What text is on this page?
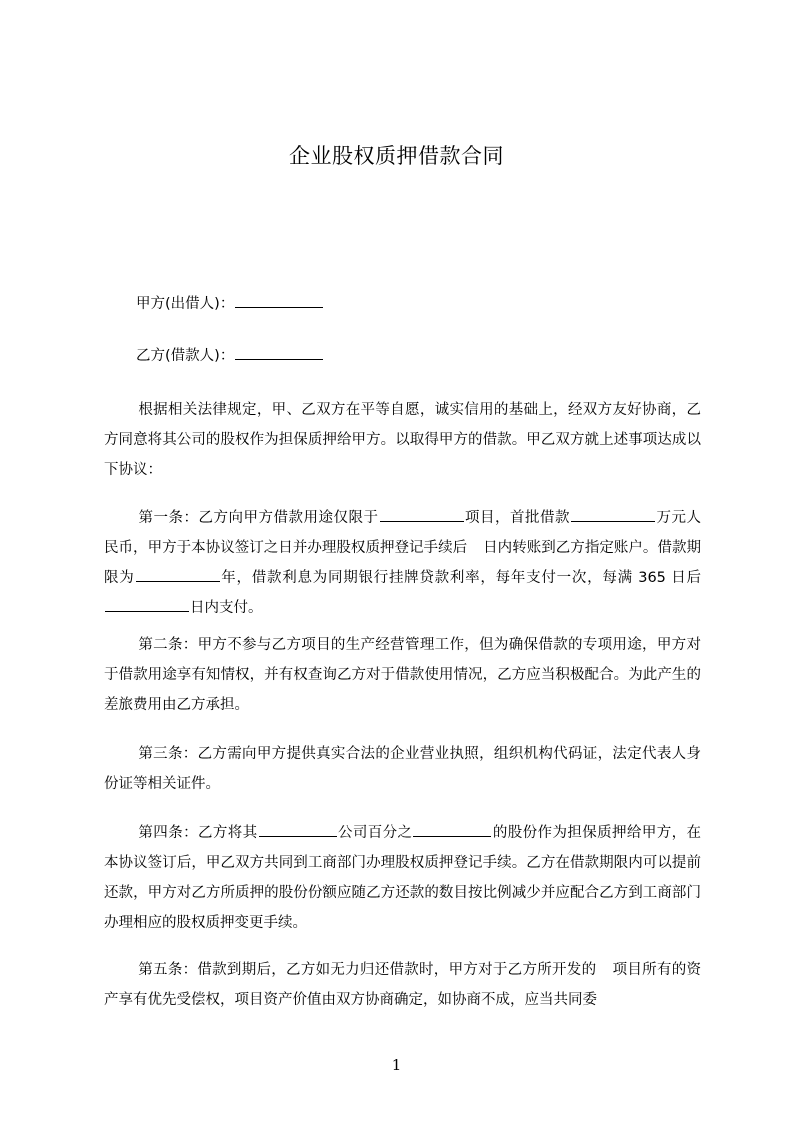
企业股权质押借款合同
甲方(出借人)：
乙方(借款人)：
根据相关法律规定，甲、乙双方在平等自愿，诚实信用的基础上，经双方友好协商，乙方同意将其公司的股权作为担保质押给甲方。以取得甲方的借款。甲乙双方就上述事项达成以下协议：
第一条：乙方向甲方借款用途仅限于	项目，首批借款	万元人民币，甲方于本协议签订之日并办理股权质押登记手续后 日内转账到乙方指定账户。借款期限为	年，借款利息为同期银行挂牌贷款利率，每年支付一次，每满 365 日后日内支付。
第二条：甲方不参与乙方项目的生产经营管理工作，但为确保借款的专项用途，甲方对于借款用途享有知情权，并有权查询乙方对于借款使用情况，乙方应当积极配合。为此产生的差旅费用由乙方承担。
第三条：乙方需向甲方提供真实合法的企业营业执照，组织机构代码证，法定代表人身份证等相关证件。
第四条：乙方将其	公司百分之	的股份作为担保质押给甲方，在本协议签订后，甲乙双方共同到工商部门办理股权质押登记手续。乙方在借款期限内可以提前还款，甲方对乙方所质押的股份份额应随乙方还款的数目按比例减少并应配合乙方到工商部门办理相应的股权质押变更手续。
第五条：借款到期后，乙方如无力归还借款时，甲方对于乙方所开发的 项目所有的资产享有优先受偿权，项目资产价值由双方协商确定，如协商不成，应当共同委
1
